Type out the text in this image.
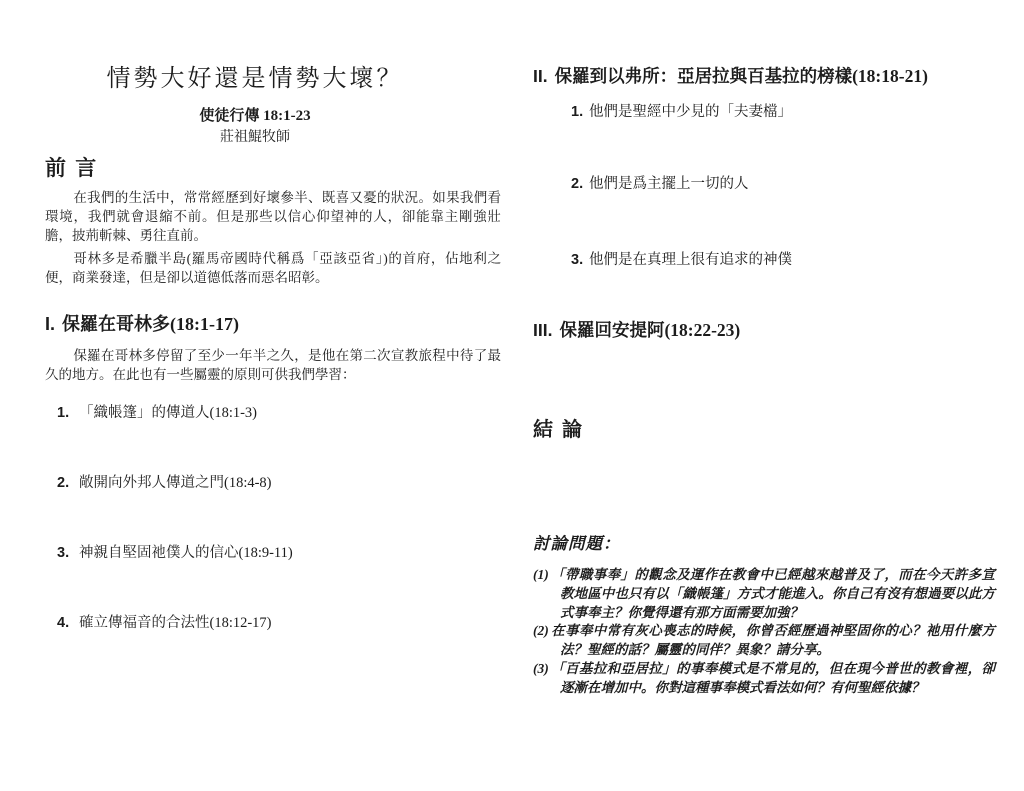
情勢大好還是情勢大壞？
使徒行傳 18:1-23
莊祖鯤牧師
前 言
在我們的生活中，常常經歷到好壞參半、既喜又憂的狀況。如果我們看環境，我們就會退縮不前。但是那些以信心仰望神的人，卻能靠主剛強壯膽，披荊斬棘、勇往直前。
哥林多是希臘半島(羅馬帝國時代稱爲「亞該亞省」)的首府，佔地利之便，商業發達，但是卻以道德低落而惡名昭彰。
I. 保羅在哥林多(18:1-17)
保羅在哥林多停留了至少一年半之久，是他在第二次宣教旅程中待了最久的地方。在此也有一些屬靈的原則可供我們學習：
1. 「織帳篷」的傳道人(18:1-3)
2. 敞開向外邦人傳道之門(18:4-8)
3. 神親自堅固祂僕人的信心(18:9-11)
4. 確立傳福音的合法性(18:12-17)
II. 保羅到以弗所：亞居拉與百基拉的榜樣(18:18-21)
1. 他們是聖經中少見的「夫妻檔」
2. 他們是爲主擺上一切的人
3. 他們是在真理上很有追求的神僕
III. 保羅回安提阿(18:22-23)
結 論
討論問題：
(1) 「帶職事奉」的觀念及運作在教會中已經越來越普及了，而在今天許多宣教地區中也只有以「織帳篷」方式才能進入。你自己有沒有想過要以此方式事奉主？你覺得還有那方面需要加強？
(2) 在事奉中常有灰心喪志的時候，你曾否經歷過神堅固你的心？祂用什麼方法？聖經的話？屬靈的同伴？異象？請分享。
(3) 「百基拉和亞居拉」的事奉模式是不常見的，但在現今普世的教會裡，卻逐漸在增加中。你對這種事奉模式看法如何？有何聖經依據？
